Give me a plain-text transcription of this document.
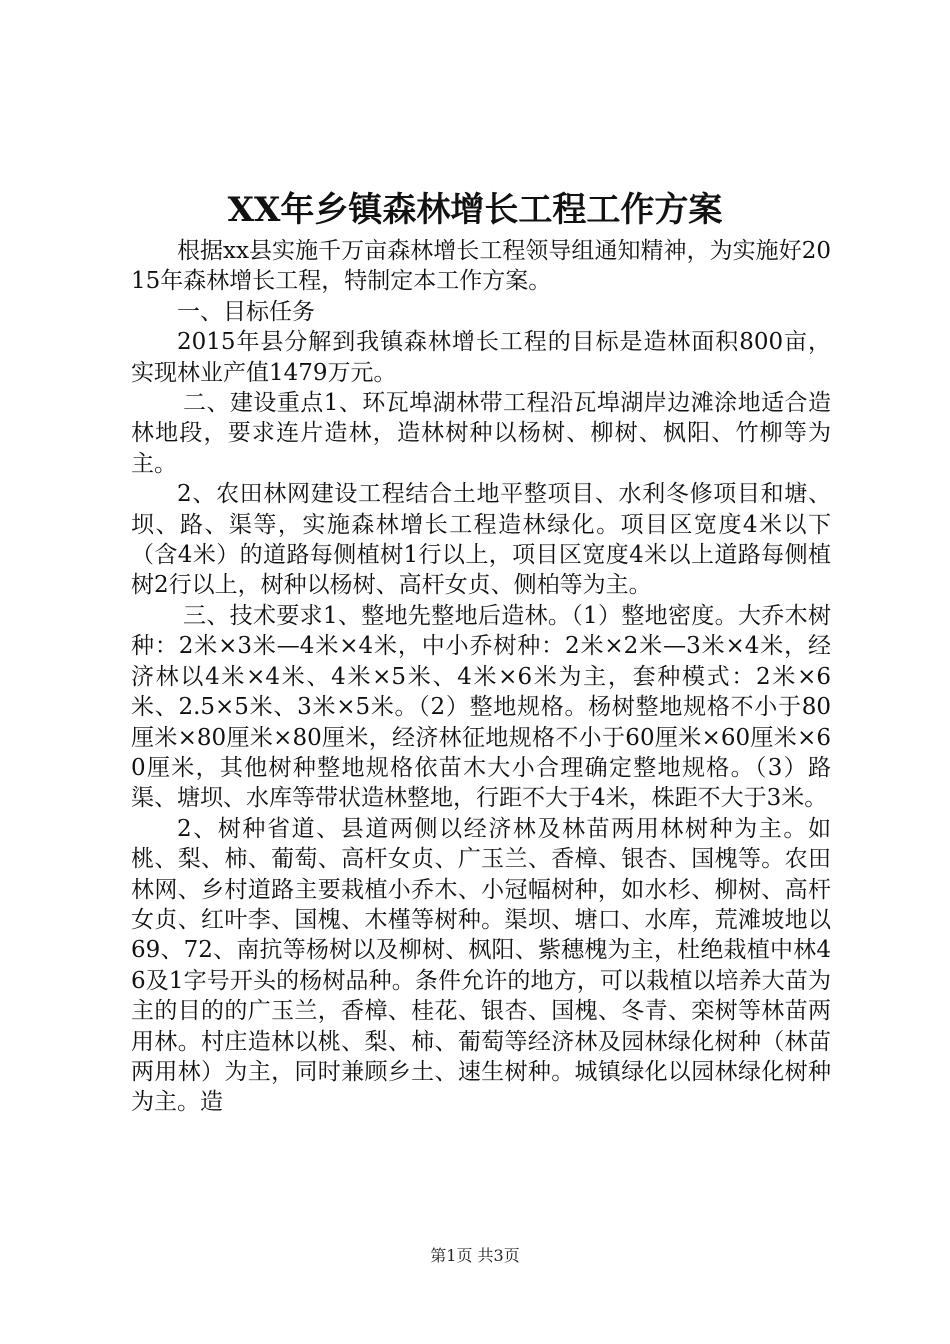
XX年乡镇森林增长工程工作方案

根据xx县实施千万亩森林增长工程领导组通知精神，为实施好2015年森林增长工程，特制定本工作方案。

一、目标任务

2015年县分解到我镇森林增长工程的目标是造林面积800亩，实现林业产值1479万元。

二、建设重点1、环瓦埠湖林带工程沿瓦埠湖岸边滩涂地适合造林地段，要求连片造林，造林树种以杨树、柳树、枫阳、竹柳等为主。

2、农田林网建设工程结合土地平整项目、水利冬修项目和塘、坝、路、渠等，实施森林增长工程造林绿化。项目区宽度4米以下（含4米）的道路每侧植树1行以上，项目区宽度4米以上道路每侧植树2行以上，树种以杨树、高杆女贞、侧柏等为主。

三、技术要求1、整地先整地后造林。（1）整地密度。大乔木树种：2米×3米—4米×4米，中小乔树种：2米×2米—3米×4米，经济林以4米×4米、4米×5米、4米×6米为主，套种模式：2米×6米、2.5×5米、3米×5米。（2）整地规格。杨树整地规格不小于80厘米×80厘米×80厘米，经济林征地规格不小于60厘米×60厘米×60厘米，其他树种整地规格依苗木大小合理确定整地规格。（3）路渠、塘坝、水库等带状造林整地，行距不大于4米，株距不大于3米。

2、树种省道、县道两侧以经济林及林苗两用林树种为主。如桃、梨、柿、葡萄、高杆女贞、广玉兰、香樟、银杏、国槐等。农田林网、乡村道路主要栽植小乔木、小冠幅树种，如水杉、柳树、高杆女贞、红叶李、国槐、木槿等树种。渠坝、塘口、水库，荒滩坡地以69、72、南抗等杨树以及柳树、枫阳、紫穗槐为主，杜绝栽植中林46及1字号开头的杨树品种。条件允许的地方，可以栽植以培养大苗为主的目的的广玉兰，香樟、桂花、银杏、国槐、冬青、栾树等林苗两用林。村庄造林以桃、梨、柿、葡萄等经济林及园林绿化树种（林苗两用林）为主，同时兼顾乡土、速生树种。城镇绿化以园林绿化树种为主。造

第1页 共3页
